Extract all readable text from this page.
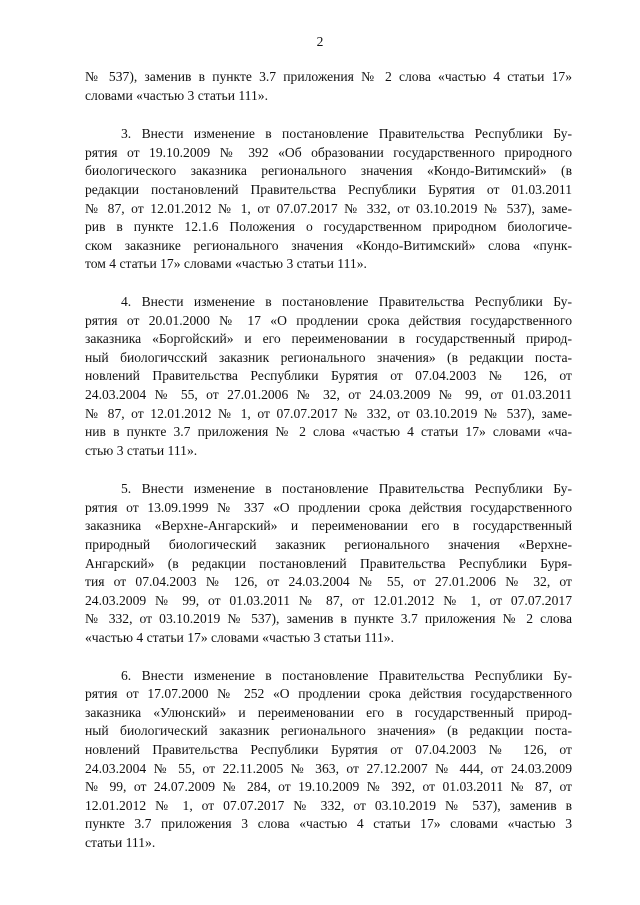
2
№ 537), заменив в пункте 3.7 приложения № 2 слова «частью 4 статьи 17»
словами «частью 3 статьи 111».
3. Внести изменение в постановление Правительства Республики Бу-
рятия от 19.10.2009 № 392 «Об образовании государственного природного
биологического заказника регионального значения «Кондо-Витимский» (в
редакции постановлений Правительства Республики Бурятия от 01.03.2011
№ 87, от 12.01.2012 № 1, от 07.07.2017 № 332, от 03.10.2019 № 537), заме-
рив в пункте 12.1.6 Положения о государственном природном биологиче-
ском заказнике регионального значения «Кондо-Витимский» слова «пунк-
том 4 статьи 17» словами «частью 3 статьи 111».
4. Внести изменение в постановление Правительства Республики Бу-
рятия от 20.01.2000 № 17 «О продлении срока действия государственного
заказника «Боргойский» и его переименовании в государственный природ-
ный биологичсский заказник регионального значения» (в редакции поста-
новлений Правительства Республики Бурятия от 07.04.2003 № 126, от
24.03.2004 № 55, от 27.01.2006 № 32, от 24.03.2009 № 99, от 01.03.2011
№ 87, от 12.01.2012 № 1, от 07.07.2017 № 332, от 03.10.2019 № 537), заме-
нив в пункте 3.7 приложения № 2 слова «частью 4 статьи 17» словами «ча-
стью 3 статьи 111».
5. Внести изменение в постановление Правительства Республики Бу-
рятия от 13.09.1999 № 337 «О продлении срока действия государственного
заказника «Верхне-Ангарский» и переименовании его в государственный
природный биологический заказник регионального значения «Верхне-
Ангарский» (в редакции постановлений Правительства Республики Буря-
тия от 07.04.2003 № 126, от 24.03.2004 № 55, от 27.01.2006 № 32, от
24.03.2009 № 99, от 01.03.2011 № 87, от 12.01.2012 № 1, от 07.07.2017
№ 332, от 03.10.2019 № 537), заменив в пункте 3.7 приложения № 2 слова
«частью 4 статьи 17» словами «частью 3 статьи 111».
6. Внести изменение в постановление Правительства Республики Бу-
рятия от 17.07.2000 № 252 «О продлении срока действия государственного
заказника «Улюнский» и переименовании его в государственный природ-
ный биологический заказник регионального значения» (в редакции поста-
новлений Правительства Республики Бурятия от 07.04.2003 № 126, от
24.03.2004 № 55, от 22.11.2005 № 363, от 27.12.2007 № 444, от 24.03.2009
№ 99, от 24.07.2009 № 284, от 19.10.2009 № 392, от 01.03.2011 № 87, от
12.01.2012 № 1, от 07.07.2017 № 332, от 03.10.2019 № 537), заменив в
пункте 3.7 приложения 3 слова «частью 4 статьи 17» словами «частью 3
статьи 111».
